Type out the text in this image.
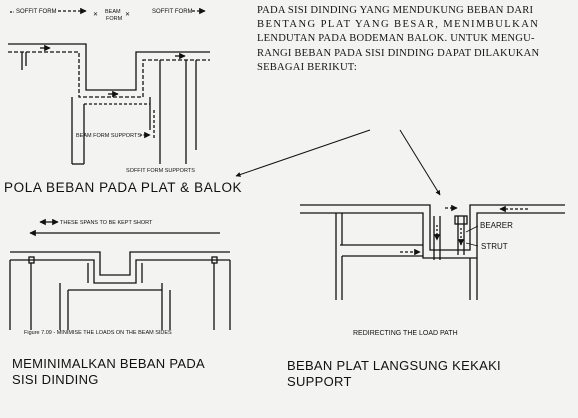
SOFFIT FORM	BEAM
FORM
✕	✕	SOFFIT FORM
BEAM FORM SUPPORTS
SOFFIT FORM SUPPORTS
THESE SPANS TO BE KEPT SHORT
Figure 7.09 - MINIMISE THE LOADS ON THE BEAM SIDES
BEARER
STRUT
REDIRECTING THE LOAD PATH

PADA SISI DINDING YANG MENDUKUNG BEBAN DARI
BENTANG PLAT YANG BESAR, MENIMBULKAN
LENDUTAN PADA BODEMAN BALOK. UNTUK MENGU-
RANGI BEBAN PADA SISI DINDING DAPAT DILAKUKAN
SEBAGAI BERIKUT:

POLA BEBAN PADA PLAT & BALOK

MEMINIMALKAN BEBAN PADA
SISI DINDING

BEBAN PLAT LANGSUNG KEKAKI
SUPPORT
